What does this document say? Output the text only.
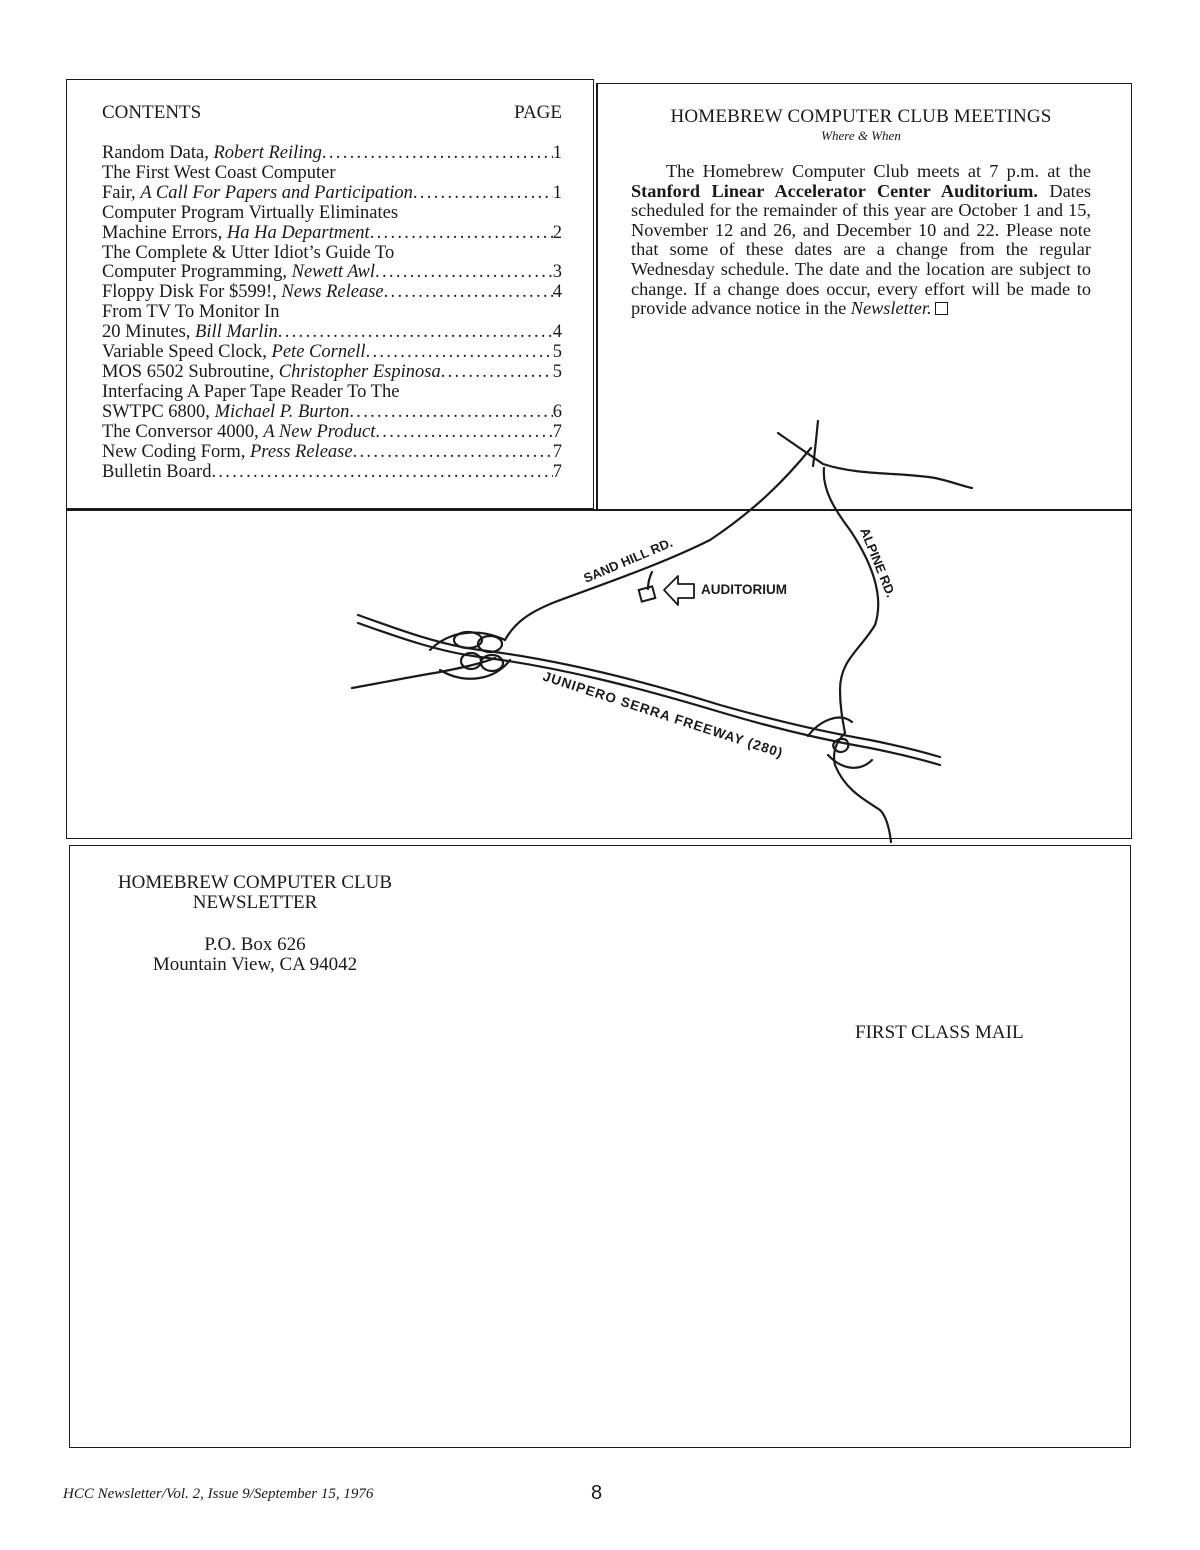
CONTENTS	PAGE
Random Data, Robert Reiling .....	1
The First West Coast Computer
Fair, A Call For Papers and Participation .....	1
Computer Program Virtually Eliminates
Machine Errors, Ha Ha Department .....	2
The Complete & Utter Idiot’s Guide To
Computer Programming, Newett Awl .....	3
Floppy Disk For $599!, News Release .....	4
From TV To Monitor In
20 Minutes, Bill Marlin .....	4
Variable Speed Clock, Pete Cornell .....	5
MOS 6502 Subroutine, Christopher Espinosa .....	5
Interfacing A Paper Tape Reader To The
SWTPC 6800, Michael P. Burton .....	6
The Conversor 4000, A New Product .....	7
New Coding Form, Press Release .....	7
Bulletin Board .....	7
HOMEBREW COMPUTER CLUB MEETINGS
Where & When

The Homebrew Computer Club meets at 7 p.m. at the Stanford Linear Accelerator Center Auditorium. Dates scheduled for the remainder of this year are October 1 and 15, November 12 and 26, and December 10 and 22. Please note that some of these dates are a change from the regular Wednesday schedule. The date and the location are subject to change. If a change does occur, every effort will be made to provide advance notice in the Newsletter.

SAND HILL RD.
AUDITORIUM	ALPINE RD.
JUNIPERO SERRA FREEWAY (280)
HOMEBREW COMPUTER CLUB
NEWSLETTER
P.O. Box 626
Mountain View, CA 94042
FIRST CLASS MAIL
HCC Newsletter/Vol. 2, Issue 9/September 15, 1976	8
